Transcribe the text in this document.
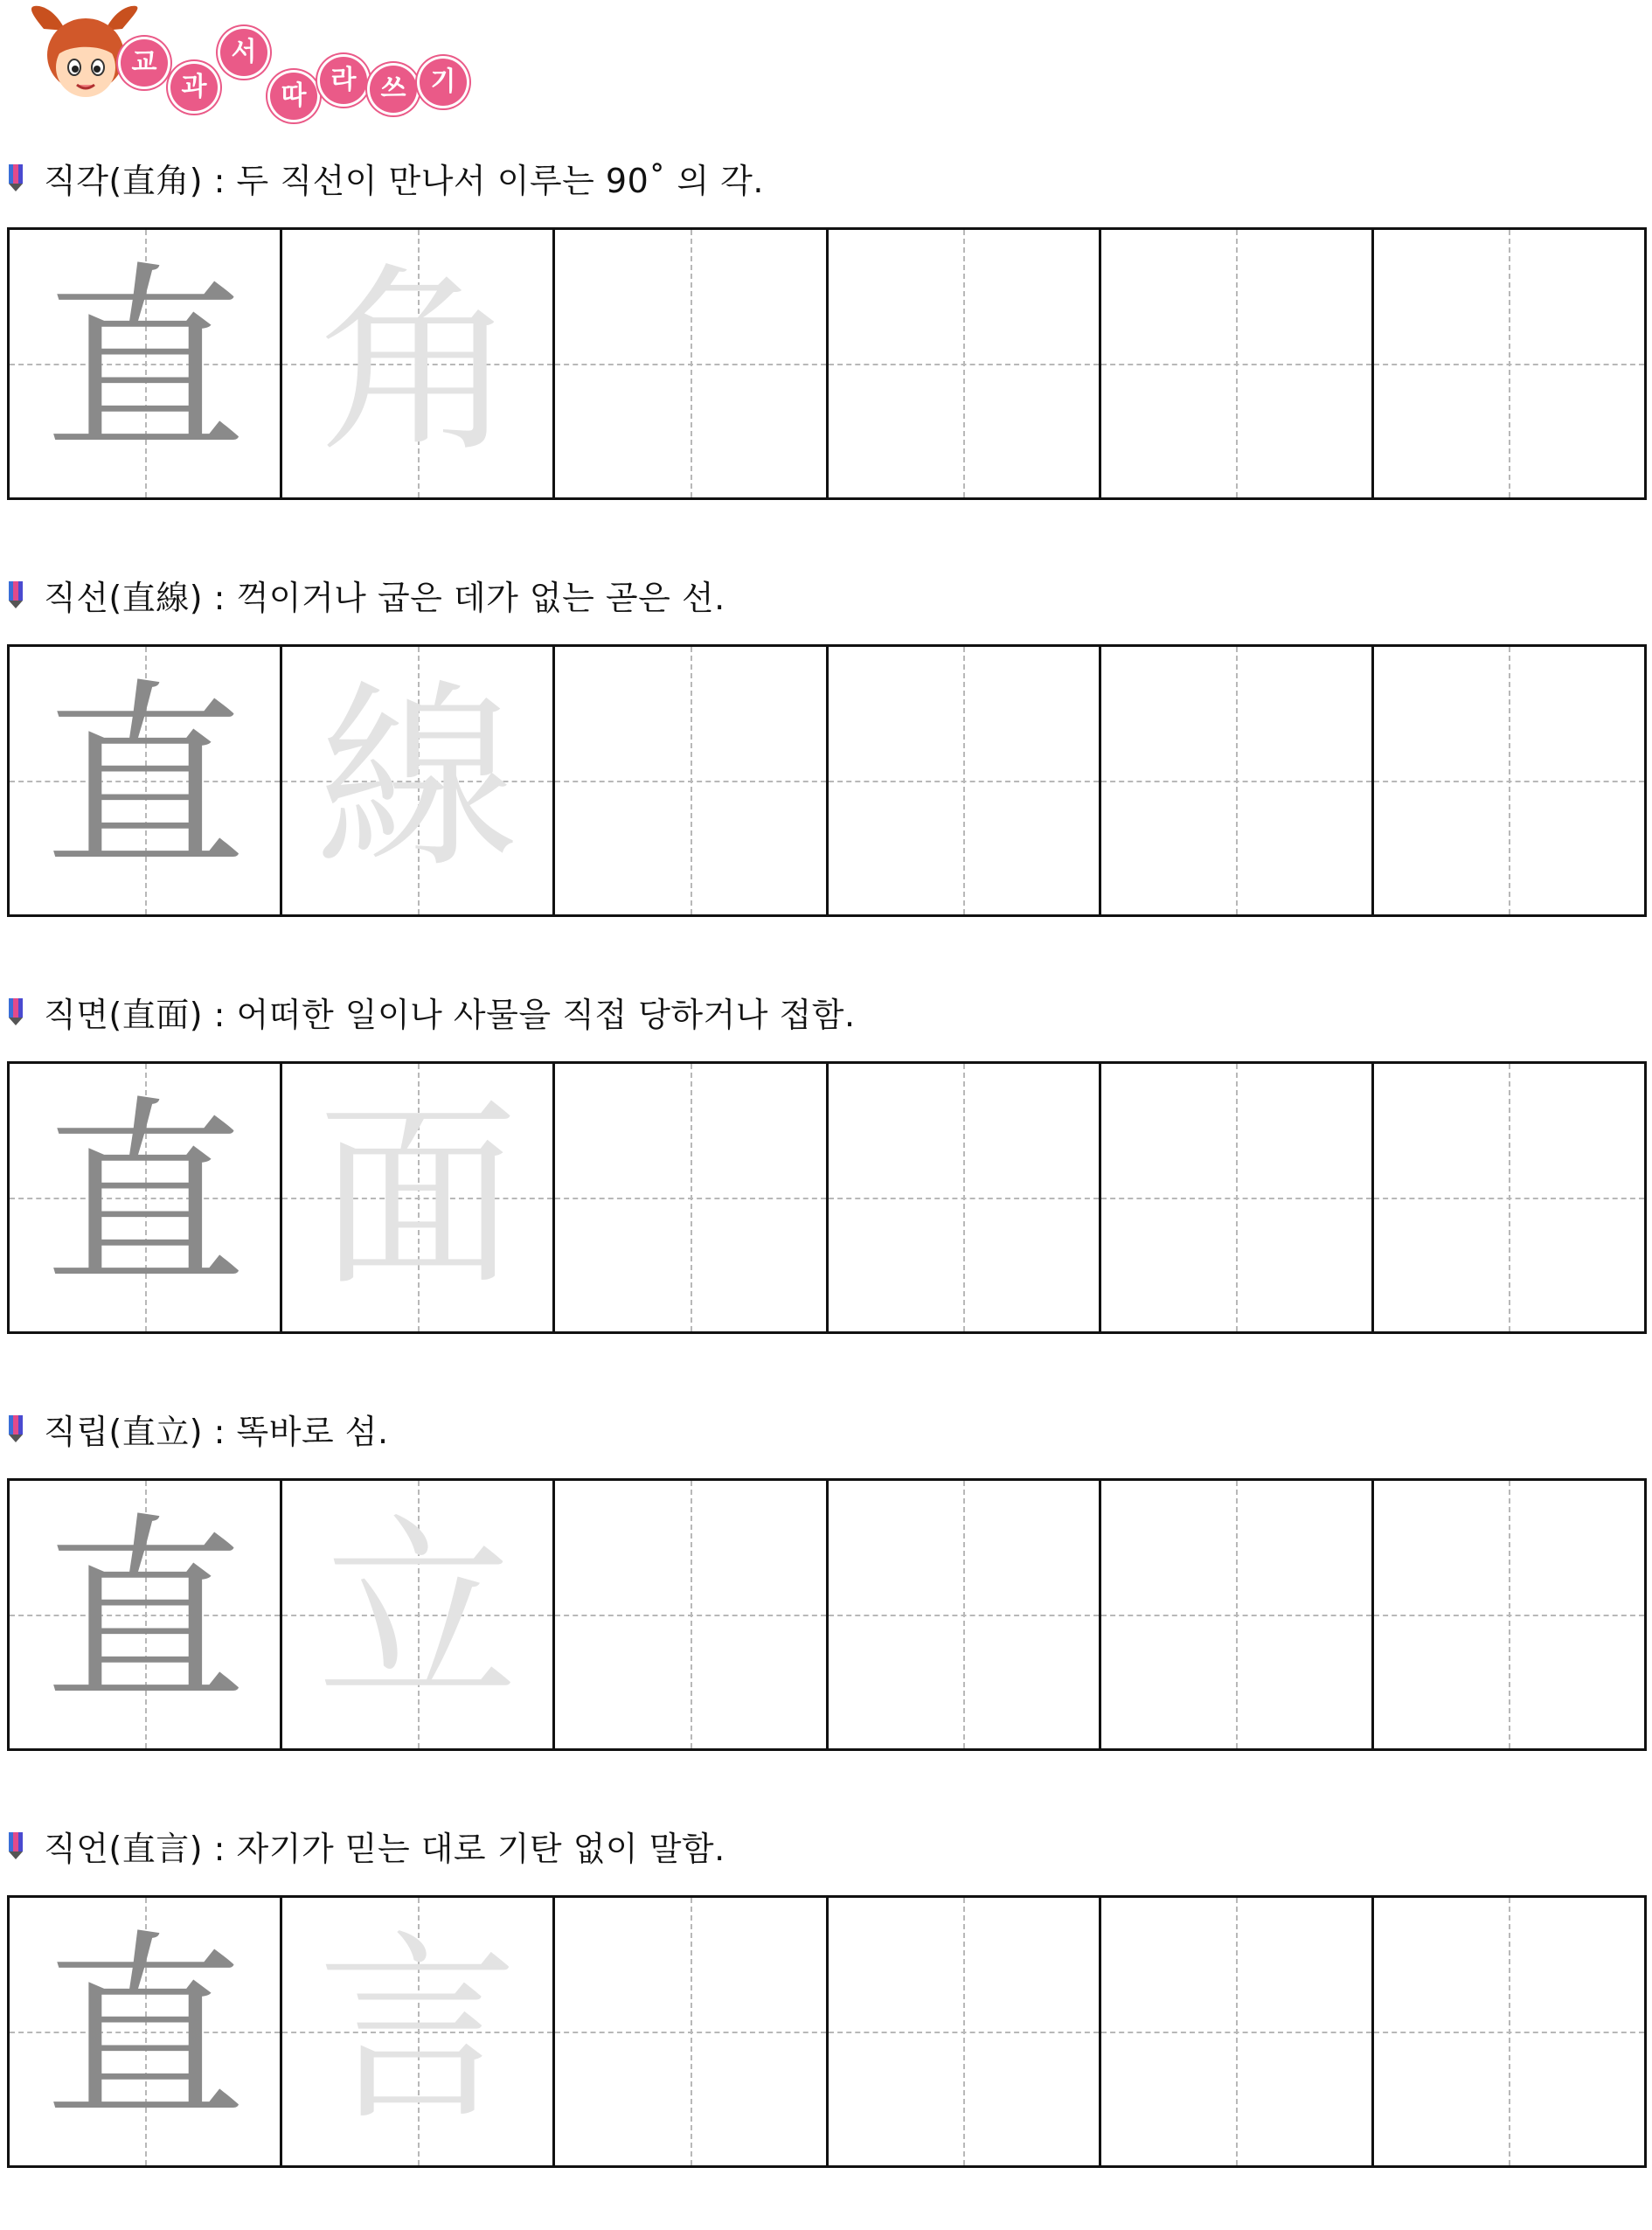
교
과
서
따
라 쓰 기
직각(直角) : 두 직선이 만나서 이루는 90˚ 의 각.
直 角
직선(直線) : 꺽이거나 굽은 데가 없는 곧은 선.
直 線
직면(直面) : 어떠한 일이나 사물을 직접 당하거나 접함.
直 面
직립(直立) : 똑바로 섬.
直 立
직언(直言) : 자기가 믿는 대로 기탄 없이 말함.
直 言
